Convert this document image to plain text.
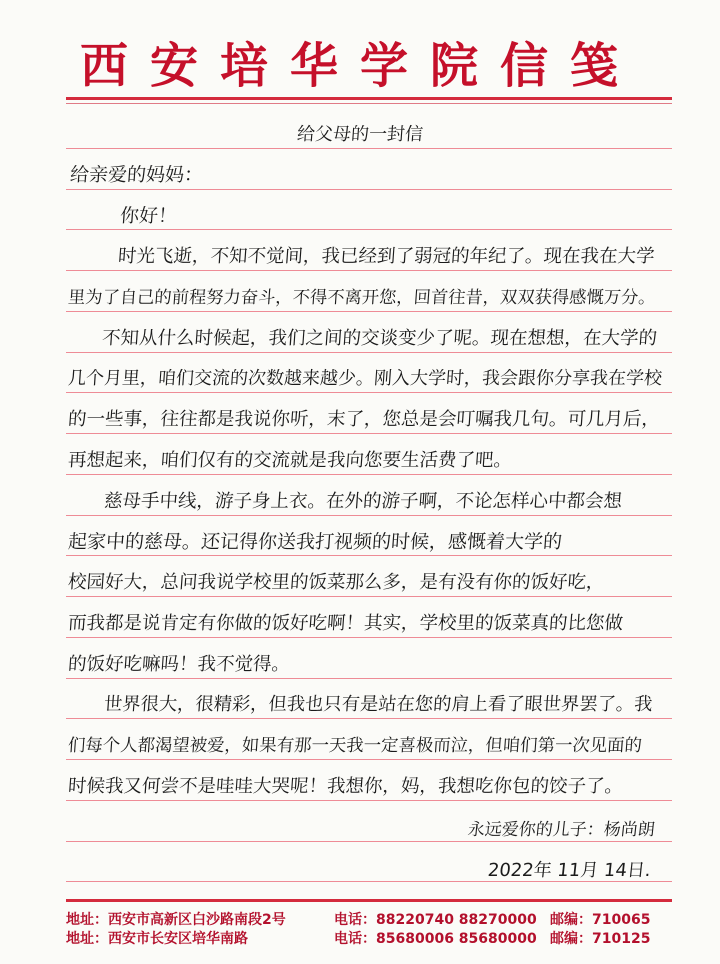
西安培华学院信笺
给父母的一封信
给亲爱的妈妈：
你好！
时光飞逝，不知不觉间，我已经到了弱冠的年纪了。现在我在大学
里为了自己的前程努力奋斗，不得不离开您，回首往昔，双双获得感慨万分。
不知从什么时候起，我们之间的交谈变少了呢。现在想想，在大学的
几个月里，咱们交流的次数越来越少。刚入大学时，我会跟你分享我在学校
的一些事，往往都是我说你听，末了，您总是会叮嘱我几句。可几月后，
再想起来，咱们仅有的交流就是我向您要生活费了吧。
慈母手中线，游子身上衣。在外的游子啊，不论怎样心中都会想
起家中的慈母。还记得你送我打视频的时候，感慨着大学的
校园好大，总问我说学校里的饭菜那么多，是有没有你的饭好吃，
而我都是说肯定有你做的饭好吃啊！其实，学校里的饭菜真的比您做
的饭好吃嘛吗！我不觉得。
世界很大，很精彩，但我也只有是站在您的肩上看了眼世界罢了。我
们每个人都渴望被爱，如果有那一天我一定喜极而泣，但咱们第一次见面的
时候我又何尝不是哇哇大哭呢！我想你，妈，我想吃你包的饺子了。
永远爱你的儿子：杨尚朗
2022年 11月 14日.
地址：西安市高新区白沙路南段2号	电话：88220740 88270000 邮编：710065
地址：西安市长安区培华南路	电话：85680006 85680000 邮编：710125
